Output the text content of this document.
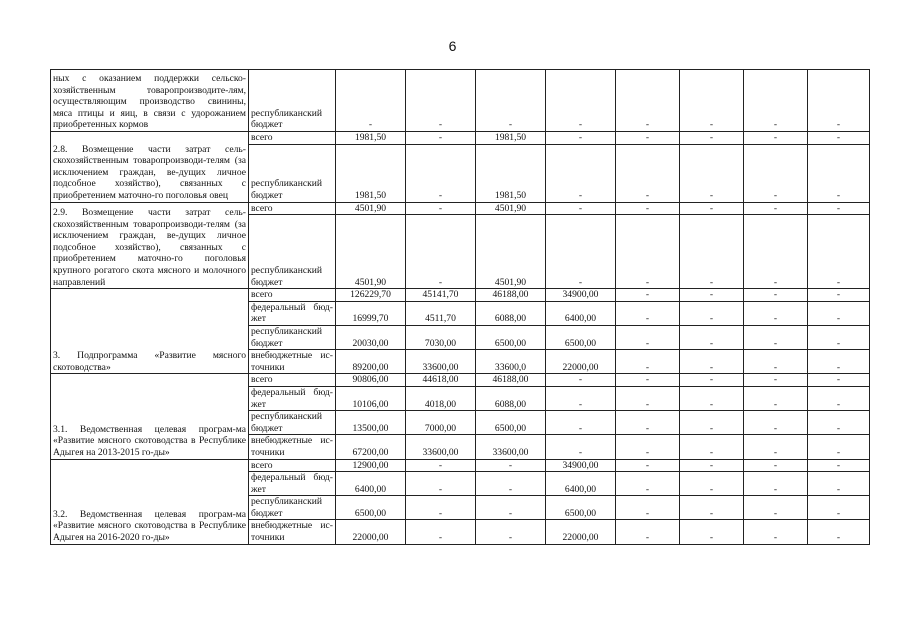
6
ных с оказанием поддержки сельско-хозяйственным товаропроизводите-лям, осуществляющим производство свинины, мяса птицы и яиц, в связи с удорожанием приобретенных кормов	республиканский бюджет	-	-	-	-	-	-	-	-
2.8. Возмещение части затрат сель-скохозяйственным товаропроизводи-телям (за исключением граждан, ве-дущих личное подсобное хозяйство), связанных с приобретением маточно-го поголовья овец	всего	1981,50	-	1981,50	-	-	-	-	-
	республиканский бюджет	1981,50	-	1981,50	-	-	-	-	-
2.9. Возмещение части затрат сель-скохозяйственным товаропроизводи-телям (за исключением граждан, ве-дущих личное подсобное хозяйство), связанных с приобретением маточно-го поголовья крупного рогатого скота мясного и молочного направлений	всего	4501,90	-	4501,90	-	-	-	-	-
	республиканский бюджет	4501,90	-	4501,90	-	-	-	-	-
3. Подпрограмма «Развитие мясного скотоводства»	всего	126229,70	45141,70	46188,00	34900,00	-	-	-	-
	федеральный бюд-жет	16999,70	4511,70	6088,00	6400,00	-	-	-	-
	республиканский бюджет	20030,00	7030,00	6500,00	6500,00	-	-	-	-
	внебюджетные ис-точники	89200,00	33600,00	33600,0	22000,00	-	-	-	-
3.1. Ведомственная целевая програм-ма «Развитие мясного скотоводства в Республике Адыгея на 2013-2015 го-ды»	всего	90806,00	44618,00	46188,00	-	-	-	-	-
	федеральный бюд-жет	10106,00	4018,00	6088,00	-	-	-	-	-
	республиканский бюджет	13500,00	7000,00	6500,00	-	-	-	-	-
	внебюджетные ис-точники	67200,00	33600,00	33600,00	-	-	-	-	-
3.2. Ведомственная целевая програм-ма «Развитие мясного скотоводства в Республике Адыгея на 2016-2020 го-ды»	всего	12900,00	-	-	34900,00	-	-	-	-
	федеральный бюд-жет	6400,00	-	-	6400,00	-	-	-	-
	республиканский бюджет	6500,00	-	-	6500,00	-	-	-	-
	внебюджетные ис-точники	22000,00	-	-	22000,00	-	-	-	-
